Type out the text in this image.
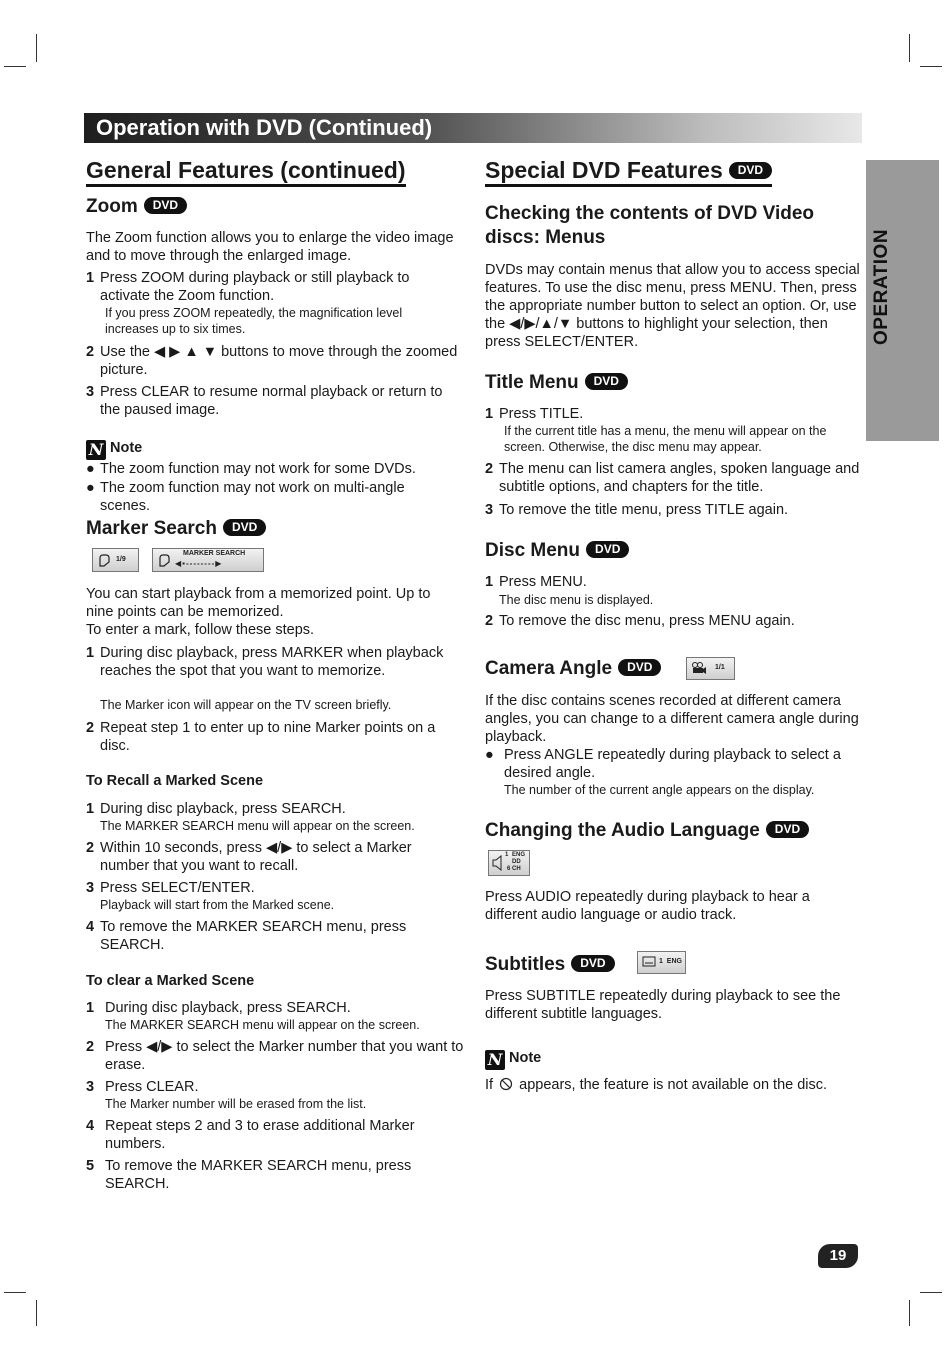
Operation with DVD (Continued)
OPERATION
General Features (continued)
Zoom DVD
The Zoom function allows you to enlarge the video image and to move through the enlarged image.
1 Press ZOOM during playback or still playback to activate the Zoom function.
If you press ZOOM repeatedly, the magnification level increases up to six times.
2 Use the ◀ ▶ ▲ ▼ buttons to move through the zoomed picture.
3 Press CLEAR to resume normal playback or return to the paused image.
N Note
● The zoom function may not work for some DVDs.
● The zoom function may not work on multi-angle scenes.
Marker Search DVD
1/9
MARKER SEARCH
◀▪‑‑‑‑‑‑‑‑▶
You can start playback from a memorized point. Up to nine points can be memorized.
To enter a mark, follow these steps.
1 During disc playback, press MARKER when playback reaches the spot that you want to memorize.
The Marker icon will appear on the TV screen briefly.
2 Repeat step 1 to enter up to nine Marker points on a disc.
To Recall a Marked Scene
1 During disc playback, press SEARCH.
The MARKER SEARCH menu will appear on the screen.
2 Within 10 seconds, press ◀/▶ to select a Marker number that you want to recall.
3 Press SELECT/ENTER.
Playback will start from the Marked scene.
4 To remove the MARKER SEARCH menu, press SEARCH.
To clear a Marked Scene
1 During disc playback, press SEARCH.
The MARKER SEARCH menu will appear on the screen.
2 Press ◀/▶ to select the Marker number that you want to erase.
3 Press CLEAR.
The Marker number will be erased from the list.
4 Repeat steps 2 and 3 to erase additional Marker numbers.
5 To remove the MARKER SEARCH menu, press SEARCH.
Special DVD Features DVD
Checking the contents of DVD Video discs: Menus
DVDs may contain menus that allow you to access special features. To use the disc menu, press MENU. Then, press the appropriate number button to select an option. Or, use the ◀/▶/▲/▼ buttons to highlight your selection, then press SELECT/ENTER.
Title Menu DVD
1 Press TITLE.
If the current title has a menu, the menu will appear on the screen. Otherwise, the disc menu may appear.
2 The menu can list camera angles, spoken language and subtitle options, and chapters for the title.
3 To remove the title menu, press TITLE again.
Disc Menu DVD
1 Press MENU.
The disc menu is displayed.
2 To remove the disc menu, press MENU again.
Camera Angle DVD	1/1
If the disc contains scenes recorded at different camera angles, you can change to a different camera angle during playback.
● Press ANGLE repeatedly during playback to select a desired angle.
The number of the current angle appears on the display.
Changing the Audio Language DVD
1 ENG
DD
6 CH
Press AUDIO repeatedly during playback to hear a different audio language or audio track.
Subtitles DVD	1  ENG
Press SUBTITLE repeatedly during playback to see the different subtitle languages.
N Note
If appears, the feature is not available on the disc.
19
